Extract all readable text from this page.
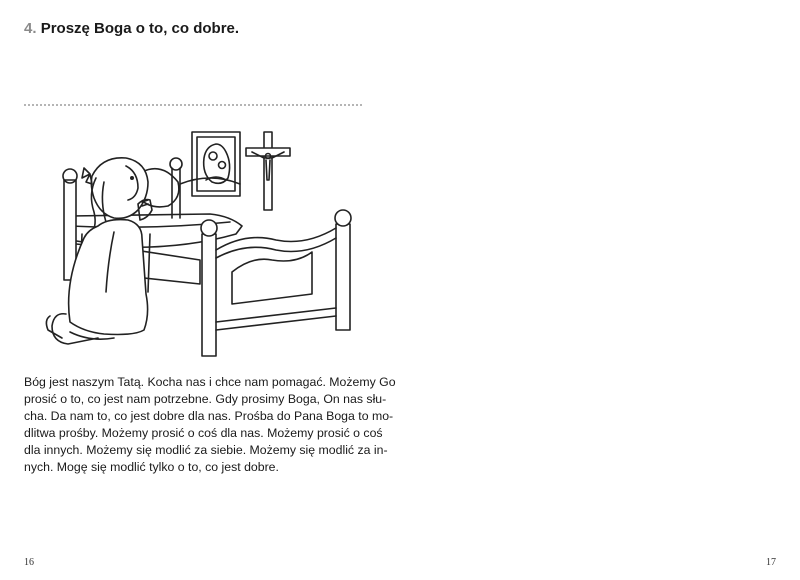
4. Proszę Boga o to, co dobre.
Bóg jest naszym Tatą. Kocha nas i chce nam pomagać. Możemy Go
prosić o to, co jest nam potrzebne. Gdy prosimy Boga, On nas słu-
cha. Da nam to, co jest dobre dla nas. Prośba do Pana Boga to mo-
dlitwa prośby. Możemy prosić o coś dla nas. Możemy prosić o coś
dla innych. Możemy się modlić za siebie. Możemy się modlić za in-
nych. Mogę się modlić tylko o to, co jest dobre.
16	17
